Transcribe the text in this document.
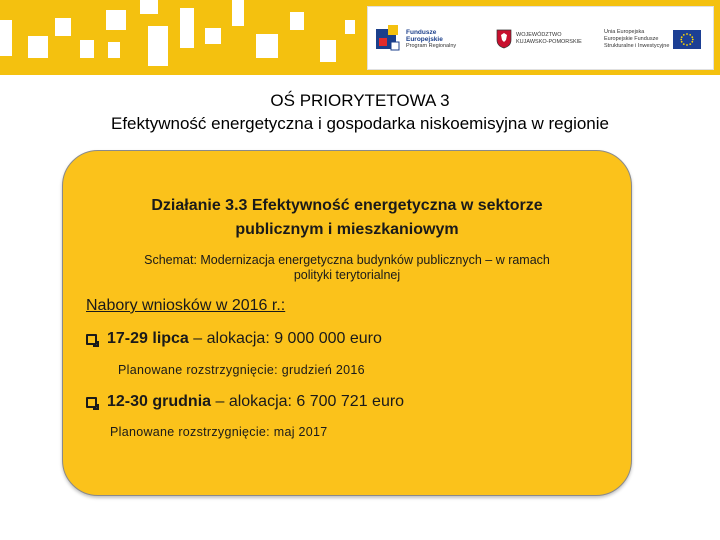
Fundusze
Europejskie
Program Regionalny
WOJEWÓDZTWO
KUJAWSKO-POMORSKIE
Unia Europejska
Europejskie Fundusze
Strukturalne i Inwestycyjne
OŚ PRIORYTETOWA 3
Efektywność energetyczna i gospodarka niskoemisyjna w regionie
Działanie 3.3 Efektywność energetyczna w sektorze
publicznym i mieszkaniowym
Schemat: Modernizacja energetyczna budynków publicznych – w ramach
polityki terytorialnej
Nabory wniosków w 2016 r.:
17-29 lipca – alokacja: 9 000 000 euro
Planowane rozstrzygnięcie: grudzień 2016
12-30 grudnia – alokacja: 6 700 721 euro
Planowane rozstrzygnięcie: maj 2017
